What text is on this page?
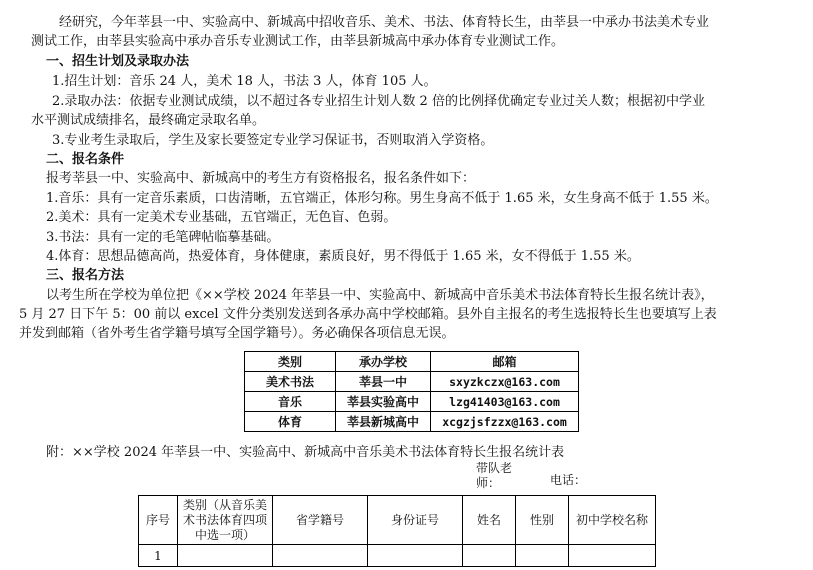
经研究，今年莘县一中、实验高中、新城高中招收音乐、美术、书法、体育特长生，由莘县一中承办书法美术专业
测试工作，由莘县实验高中承办音乐专业测试工作，由莘县新城高中承办体育专业测试工作。
一、招生计划及录取办法
1.招生计划：音乐 24 人，美术 18 人，书法 3 人，体育 105 人。
2.录取办法：依据专业测试成绩，以不超过各专业招生计划人数 2 倍的比例择优确定专业过关人数；根据初中学业
水平测试成绩排名，最终确定录取名单。
3.专业考生录取后，学生及家长要签定专业学习保证书，否则取消入学资格。
二、报名条件
报考莘县一中、实验高中、新城高中的考生方有资格报名，报名条件如下：
1.音乐：具有一定音乐素质，口齿清晰，五官端正，体形匀称。男生身高不低于 1.65 米，女生身高不低于 1.55 米。
2.美术：具有一定美术专业基础，五官端正，无色盲、色弱。
3.书法：具有一定的毛笔碑帖临摹基础。
4.体育：思想品德高尚，热爱体育，身体健康，素质良好，男不得低于 1.65 米，女不得低于 1.55 米。
三、报名方法
以考生所在学校为单位把《××学校 2024 年莘县一中、实验高中、新城高中音乐美术书法体育特长生报名统计表》，
5 月 27 日下午 5：00 前以 excel 文件分类别发送到各承办高中学校邮箱。县外自主报名的考生选报特长生也要填写上表
并发到邮箱（省外考生省学籍号填写全国学籍号）。务必确保各项信息无误。
类别	承办学校	邮箱
美术书法	莘县一中	sxyzkczx@163.com
音乐	莘县实验高中	lzg41403@163.com
体育	莘县新城高中	xcgzjsfzzx@163.com
附：××学校 2024 年莘县一中、实验高中、新城高中音乐美术书法体育特长生报名统计表
带队老
师：	电话：
序号	类别（从音乐美术书法体育四项中选一项）	省学籍号	身份证号	姓名	性别	初中学校名称
1						
